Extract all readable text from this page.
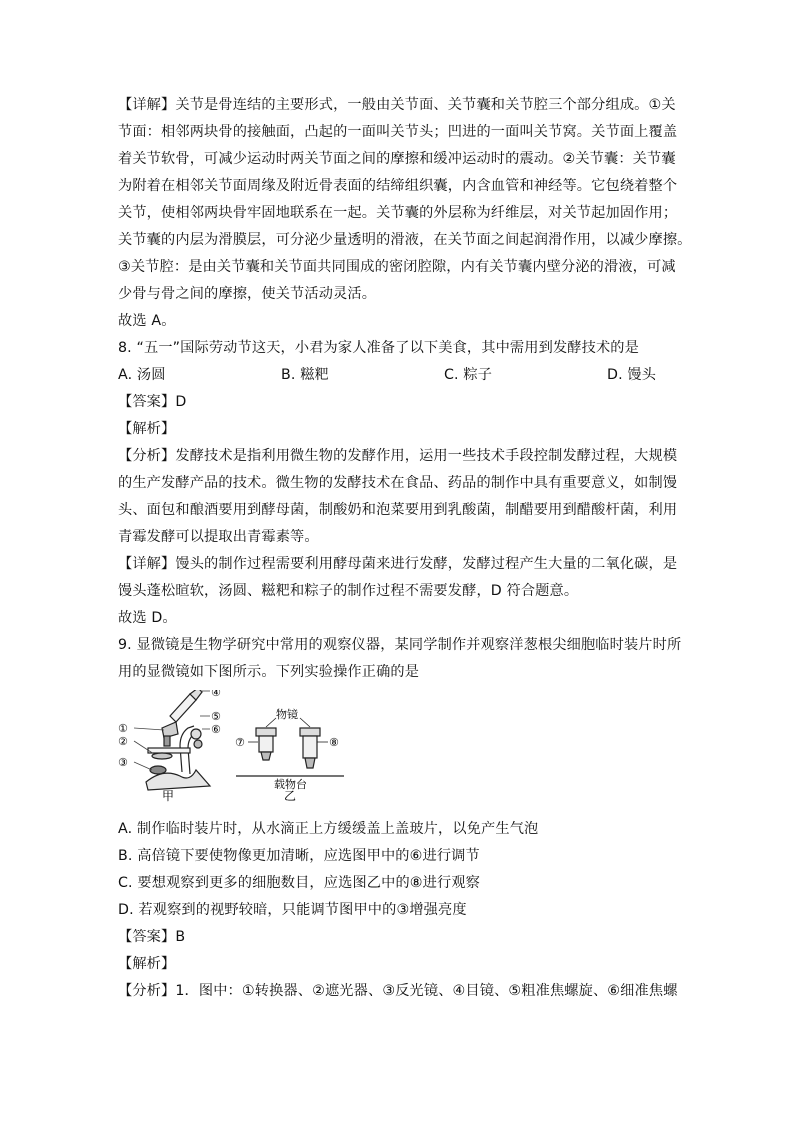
【详解】关节是骨连结的主要形式，一般由关节面、关节囊和关节腔三个部分组成。①关
节面：相邻两块骨的接触面，凸起的一面叫关节头；凹进的一面叫关节窝。关节面上覆盖
着关节软骨，可减少运动时两关节面之间的摩擦和缓冲运动时的震动。②关节囊：关节囊
为附着在相邻关节面周缘及附近骨表面的结缔组织囊，内含血管和神经等。它包绕着整个
关节，使相邻两块骨牢固地联系在一起。关节囊的外层称为纤维层，对关节起加固作用；
关节囊的内层为滑膜层，可分泌少量透明的滑液，在关节面之间起润滑作用，以减少摩擦。
③关节腔：是由关节囊和关节面共同围成的密闭腔隙，内有关节囊内壁分泌的滑液，可减
少骨与骨之间的摩擦，使关节活动灵活。
故选 A。
8. “五一”国际劳动节这天，小君为家人准备了以下美食，其中需用到发酵技术的是
A. 汤圆	B. 糍粑	C. 粽子	D. 馒头
【答案】D
【解析】
【分析】发酵技术是指利用微生物的发酵作用，运用一些技术手段控制发酵过程，大规模
的生产发酵产品的技术。微生物的发酵技术在食品、药品的制作中具有重要意义，如制馒
头、面包和酿酒要用到酵母菌，制酸奶和泡菜要用到乳酸菌，制醋要用到醋酸杆菌，利用
青霉发酵可以提取出青霉素等。
【详解】馒头的制作过程需要利用酵母菌来进行发酵，发酵过程产生大量的二氧化碳，是
馒头蓬松暄软，汤圆、糍粑和粽子的制作过程不需要发酵，D 符合题意。
故选 D。
9. 显微镜是生物学研究中常用的观察仪器，某同学制作并观察洋葱根尖细胞临时装片时所
用的显微镜如下图所示。下列实验操作正确的是
①
②
③
④
⑤
⑥
甲
物镜
载物台
⑦	⑧
乙
A. 制作临时装片时，从水滴正上方缓缓盖上盖玻片，以免产生气泡
B. 高倍镜下要使物像更加清晰，应选图甲中的⑥进行调节
C. 要想观察到更多的细胞数目，应选图乙中的⑧进行观察
D. 若观察到的视野较暗，只能调节图甲中的③增强亮度
【答案】B
【解析】
【分析】1．图中：①转换器、②遮光器、③反光镜、④目镜、⑤粗准焦螺旋、⑥细准焦螺
